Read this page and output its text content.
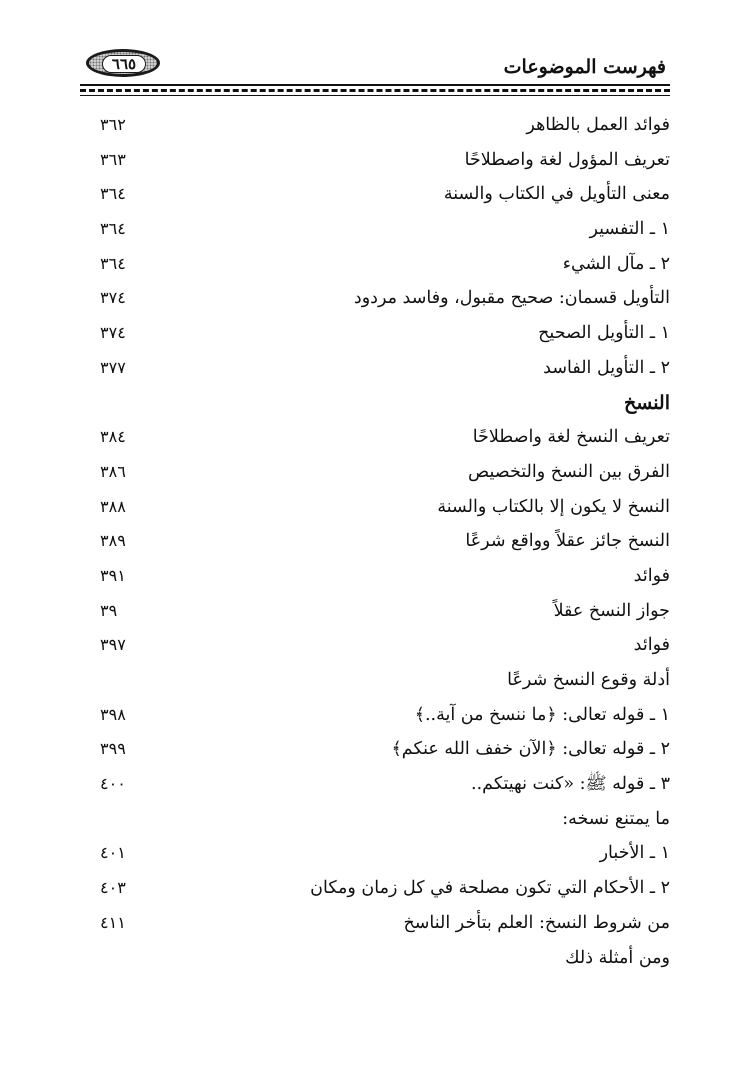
٦٦٥	فهرست الموضوعات
فوائد العمل بالظاهر
٣٦٢
تعريف المؤول لغة واصطلاحًا
٣٦٣
معنى التأويل في الكتاب والسنة
٣٦٤
١ ـ التفسير
٣٦٤
٢ ـ مآل الشيء
٣٦٤
التأويل قسمان: صحيح مقبول، وفاسد مردود
٣٧٤
١ ـ التأويل الصحيح
٣٧٤
٢ ـ التأويل الفاسد
٣٧٧
النسخ
تعريف النسخ لغة واصطلاحًا
٣٨٤
الفرق بين النسخ والتخصيص
٣٨٦
النسخ لا يكون إلا بالكتاب والسنة
٣٨٨
النسخ جائز عقلاً وواقع شرعًا
٣٨٩
فوائد
٣٩١
جواز النسخ عقلاً
٣٩
فوائد
٣٩٧
أدلة وقوع النسخ شرعًا
١ ـ قوله تعالى: ﴿ما ننسخ من آية..﴾
٣٩٨
٢ ـ قوله تعالى: ﴿الآن خفف الله عنكم﴾
٣٩٩
٣ ـ قوله ﷺ: «كنت نهيتكم..
٤٠٠
ما يمتنع نسخه:
١ ـ الأخبار
٤٠١
٢ ـ الأحكام التي تكون مصلحة في كل زمان ومكان
٤٠٣
من شروط النسخ: العلم بتأخر الناسخ
٤١١
ومن أمثلة ذلك
